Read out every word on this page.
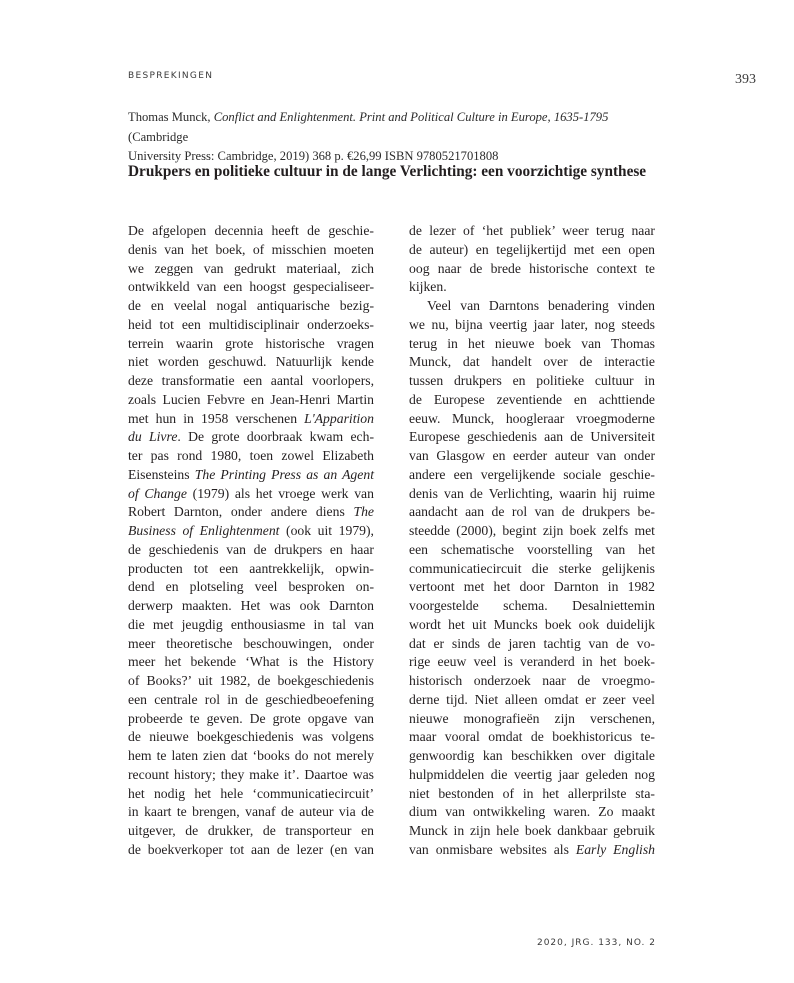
BESPREKINGEN	393
Thomas Munck, Conflict and Enlightenment. Print and Political Culture in Europe, 1635-1795 (Cambridge
University Press: Cambridge, 2019) 368 p. €26,99 ISBN 9780521701808
Drukpers en politieke cultuur in de lange Verlichting: een voorzichtige synthese
De afgelopen decennia heeft de geschie-
denis van het boek, of misschien moeten
we zeggen van gedrukt materiaal, zich
ontwikkeld van een hoogst gespecialiseer-
de en veelal nogal antiquarische bezig-
heid tot een multidisciplinair onderzoeks-
terrein waarin grote historische vragen
niet worden geschuwd. Natuurlijk kende
deze transformatie een aantal voorlopers,
zoals Lucien Febvre en Jean-Henri Martin
met hun in 1958 verschenen L'Apparition
du Livre. De grote doorbraak kwam ech-
ter pas rond 1980, toen zowel Elizabeth
Eisensteins The Printing Press as an Agent
of Change (1979) als het vroege werk van
Robert Darnton, onder andere diens The
Business of Enlightenment (ook uit 1979),
de geschiedenis van de drukpers en haar
producten tot een aantrekkelijk, opwin-
dend en plotseling veel besproken on-
derwerp maakten. Het was ook Darnton
die met jeugdig enthousiasme in tal van
meer theoretische beschouwingen, onder
meer het bekende ‘What is the History
of Books?’ uit 1982, de boekgeschiedenis
een centrale rol in de geschiedbeoefening
probeerde te geven. De grote opgave van
de nieuwe boekgeschiedenis was volgens
hem te laten zien dat ‘books do not merely
recount history; they make it’. Daartoe was
het nodig het hele ‘communicatiecircuit’
in kaart te brengen, vanaf de auteur via de
uitgever, de drukker, de transporteur en
de boekverkoper tot aan de lezer (en van
de lezer of ‘het publiek’ weer terug naar
de auteur) en tegelijkertijd met een open
oog naar de brede historische context te
kijken.
Veel van Darntons benadering vinden
we nu, bijna veertig jaar later, nog steeds
terug in het nieuwe boek van Thomas
Munck, dat handelt over de interactie
tussen drukpers en politieke cultuur in
de Europese zeventiende en achttiende
eeuw. Munck, hoogleraar vroegmoderne
Europese geschiedenis aan de Universiteit
van Glasgow en eerder auteur van onder
andere een vergelijkende sociale geschie-
denis van de Verlichting, waarin hij ruime
aandacht aan de rol van de drukpers be-
steedde (2000), begint zijn boek zelfs met
een schematische voorstelling van het
communicatiecircuit die sterke gelijkenis
vertoont met het door Darnton in 1982
voorgestelde schema. Desalniettemin
wordt het uit Muncks boek ook duidelijk
dat er sinds de jaren tachtig van de vo-
rige eeuw veel is veranderd in het boek-
historisch onderzoek naar de vroegmo-
derne tijd. Niet alleen omdat er zeer veel
nieuwe monografieën zijn verschenen,
maar vooral omdat de boekhistoricus te-
genwoordig kan beschikken over digitale
hulpmiddelen die veertig jaar geleden nog
niet bestonden of in het allerprilste sta-
dium van ontwikkeling waren. Zo maakt
Munck in zijn hele boek dankbaar gebruik
van onmisbare websites als Early English
2020, JRG. 133, NO. 2
